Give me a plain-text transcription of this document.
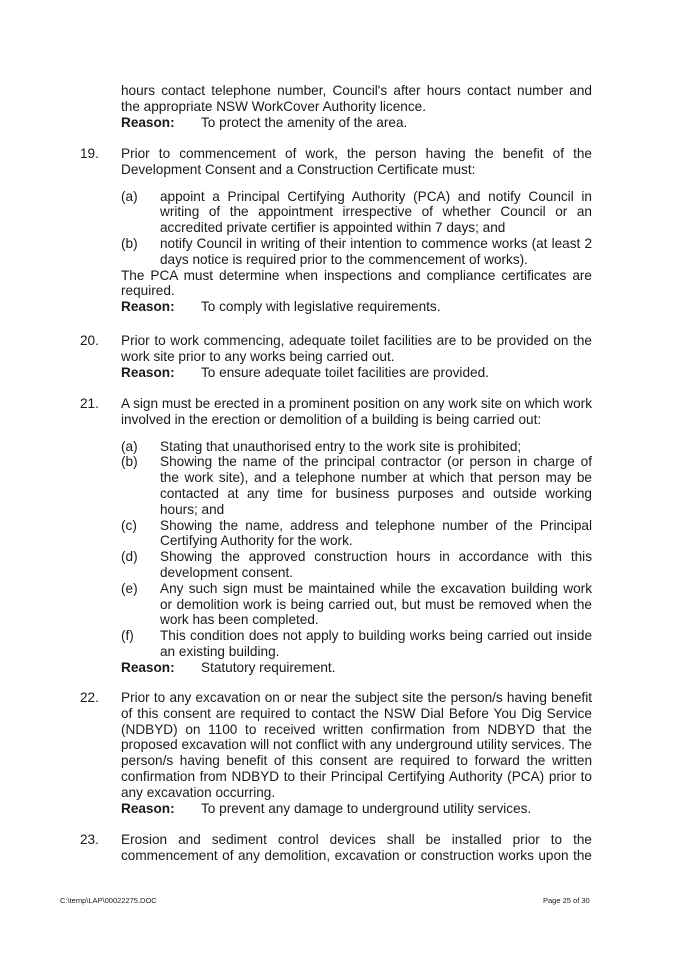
hours contact telephone number, Council's after hours contact number and the appropriate NSW WorkCover Authority licence.

Reason:	To protect the amenity of the area.
19. Prior to commencement of work, the person having the benefit of the Development Consent and a Construction Certificate must:

(a)	appoint a Principal Certifying Authority (PCA) and notify Council in writing of the appointment irrespective of whether Council or an accredited private certifier is appointed within 7 days; and
(b)	notify Council in writing of their intention to commence works (at least 2 days notice is required prior to the commencement of works).

The PCA must determine when inspections and compliance certificates are required.

Reason:	To comply with legislative requirements.
20. Prior to work commencing, adequate toilet facilities are to be provided on the work site prior to any works being carried out.

Reason:	To ensure adequate toilet facilities are provided.
21. A sign must be erected in a prominent position on any work site on which work involved in the erection or demolition of a building is being carried out:

(a)	Stating that unauthorised entry to the work site is prohibited;
(b)	Showing the name of the principal contractor (or person in charge of the work site), and a telephone number at which that person may be contacted at any time for business purposes and outside working hours; and
(c)	Showing the name, address and telephone number of the Principal Certifying Authority for the work.
(d)	Showing the approved construction hours in accordance with this development consent.
(e)	Any such sign must be maintained while the excavation building work or demolition work is being carried out, but must be removed when the work has been completed.
(f)	This condition does not apply to building works being carried out inside an existing building.
Reason:	Statutory requirement.
22. Prior to any excavation on or near the subject site the person/s having benefit of this consent are required to contact the NSW Dial Before You Dig Service (NDBYD) on 1100 to received written confirmation from NDBYD that the proposed excavation will not conflict with any underground utility services. The person/s having benefit of this consent are required to forward the written confirmation from NDBYD to their Principal Certifying Authority (PCA) prior to any excavation occurring.

Reason:	To prevent any damage to underground utility services.
23. Erosion and sediment control devices shall be installed prior to the commencement of any demolition, excavation or construction works upon the

C:\temp\LAP\00022275.DOC	Page 25 of 30
